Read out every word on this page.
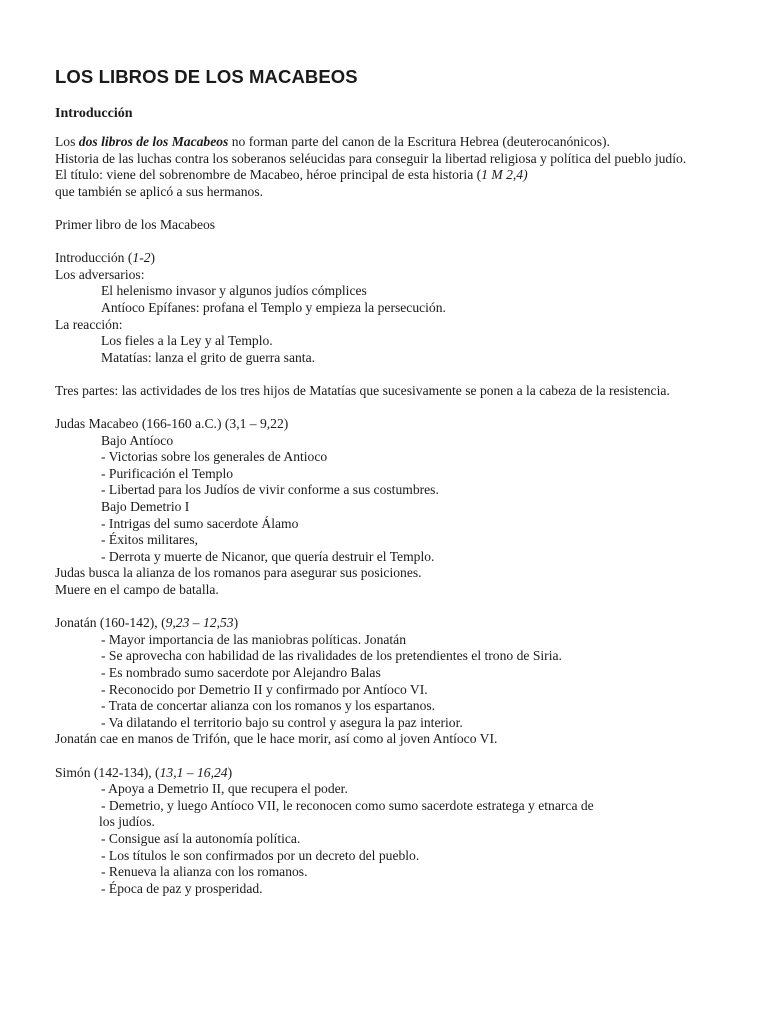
LOS LIBROS DE LOS MACABEOS
Introducción

Los dos libros de los Macabeos no forman parte del canon de la Escritura Hebrea (deuterocanónicos).

Historia de las luchas contra los soberanos seléucidas para conseguir la libertad religiosa y política del pueblo judío.

El título: viene del sobrenombre de Macabeo, héroe principal de esta historia (1 M 2,4)
que también se aplicó a sus hermanos.

Primer libro de los Macabeos

Introducción (1-2)

Los adversarios:

El helenismo invasor y algunos judíos cómplices

Antíoco Epífanes: profana el Templo y empieza la persecución.

La reacción:

Los fieles a la Ley y al Templo.

Matatías: lanza el grito de guerra santa.

Tres partes: las actividades de los tres hijos de Matatías que sucesivamente se ponen a la cabeza de la resistencia.

Judas Macabeo (166-160 a.C.) (3,1 – 9,22)

Bajo Antíoco

- Victorias sobre los generales de Antioco

- Purificación el Templo

- Libertad para los Judíos de vivir conforme a sus costumbres.

Bajo Demetrio I

- Intrigas del sumo sacerdote Álamo

- Éxitos militares,

- Derrota y muerte de Nicanor, que quería destruir el Templo.

Judas busca la alianza de los romanos para asegurar sus posiciones.

Muere en el campo de batalla.

Jonatán (160-142), (9,23 – 12,53)

- Mayor importancia de las maniobras políticas. Jonatán

- Se aprovecha con habilidad de las rivalidades de los pretendientes el trono de Siria.

- Es nombrado sumo sacerdote por Alejandro Balas

- Reconocido por Demetrio II y confirmado por Antíoco VI.

- Trata de concertar alianza con los romanos y los espartanos.

- Va dilatando el territorio bajo su control y asegura la paz interior.

Jonatán cae en manos de Trifón, que le hace morir, así como al joven Antíoco VI.

Simón (142-134), (13,1 – 16,24)

- Apoya a Demetrio II, que recupera el poder.

- Demetrio, y luego Antíoco VII, le reconocen como sumo sacerdote estratega y etnarca de

los judíos.

- Consigue así la autonomía política.

- Los títulos le son confirmados por un decreto del pueblo.

- Renueva la alianza con los romanos.

- Época de paz y prosperidad.
